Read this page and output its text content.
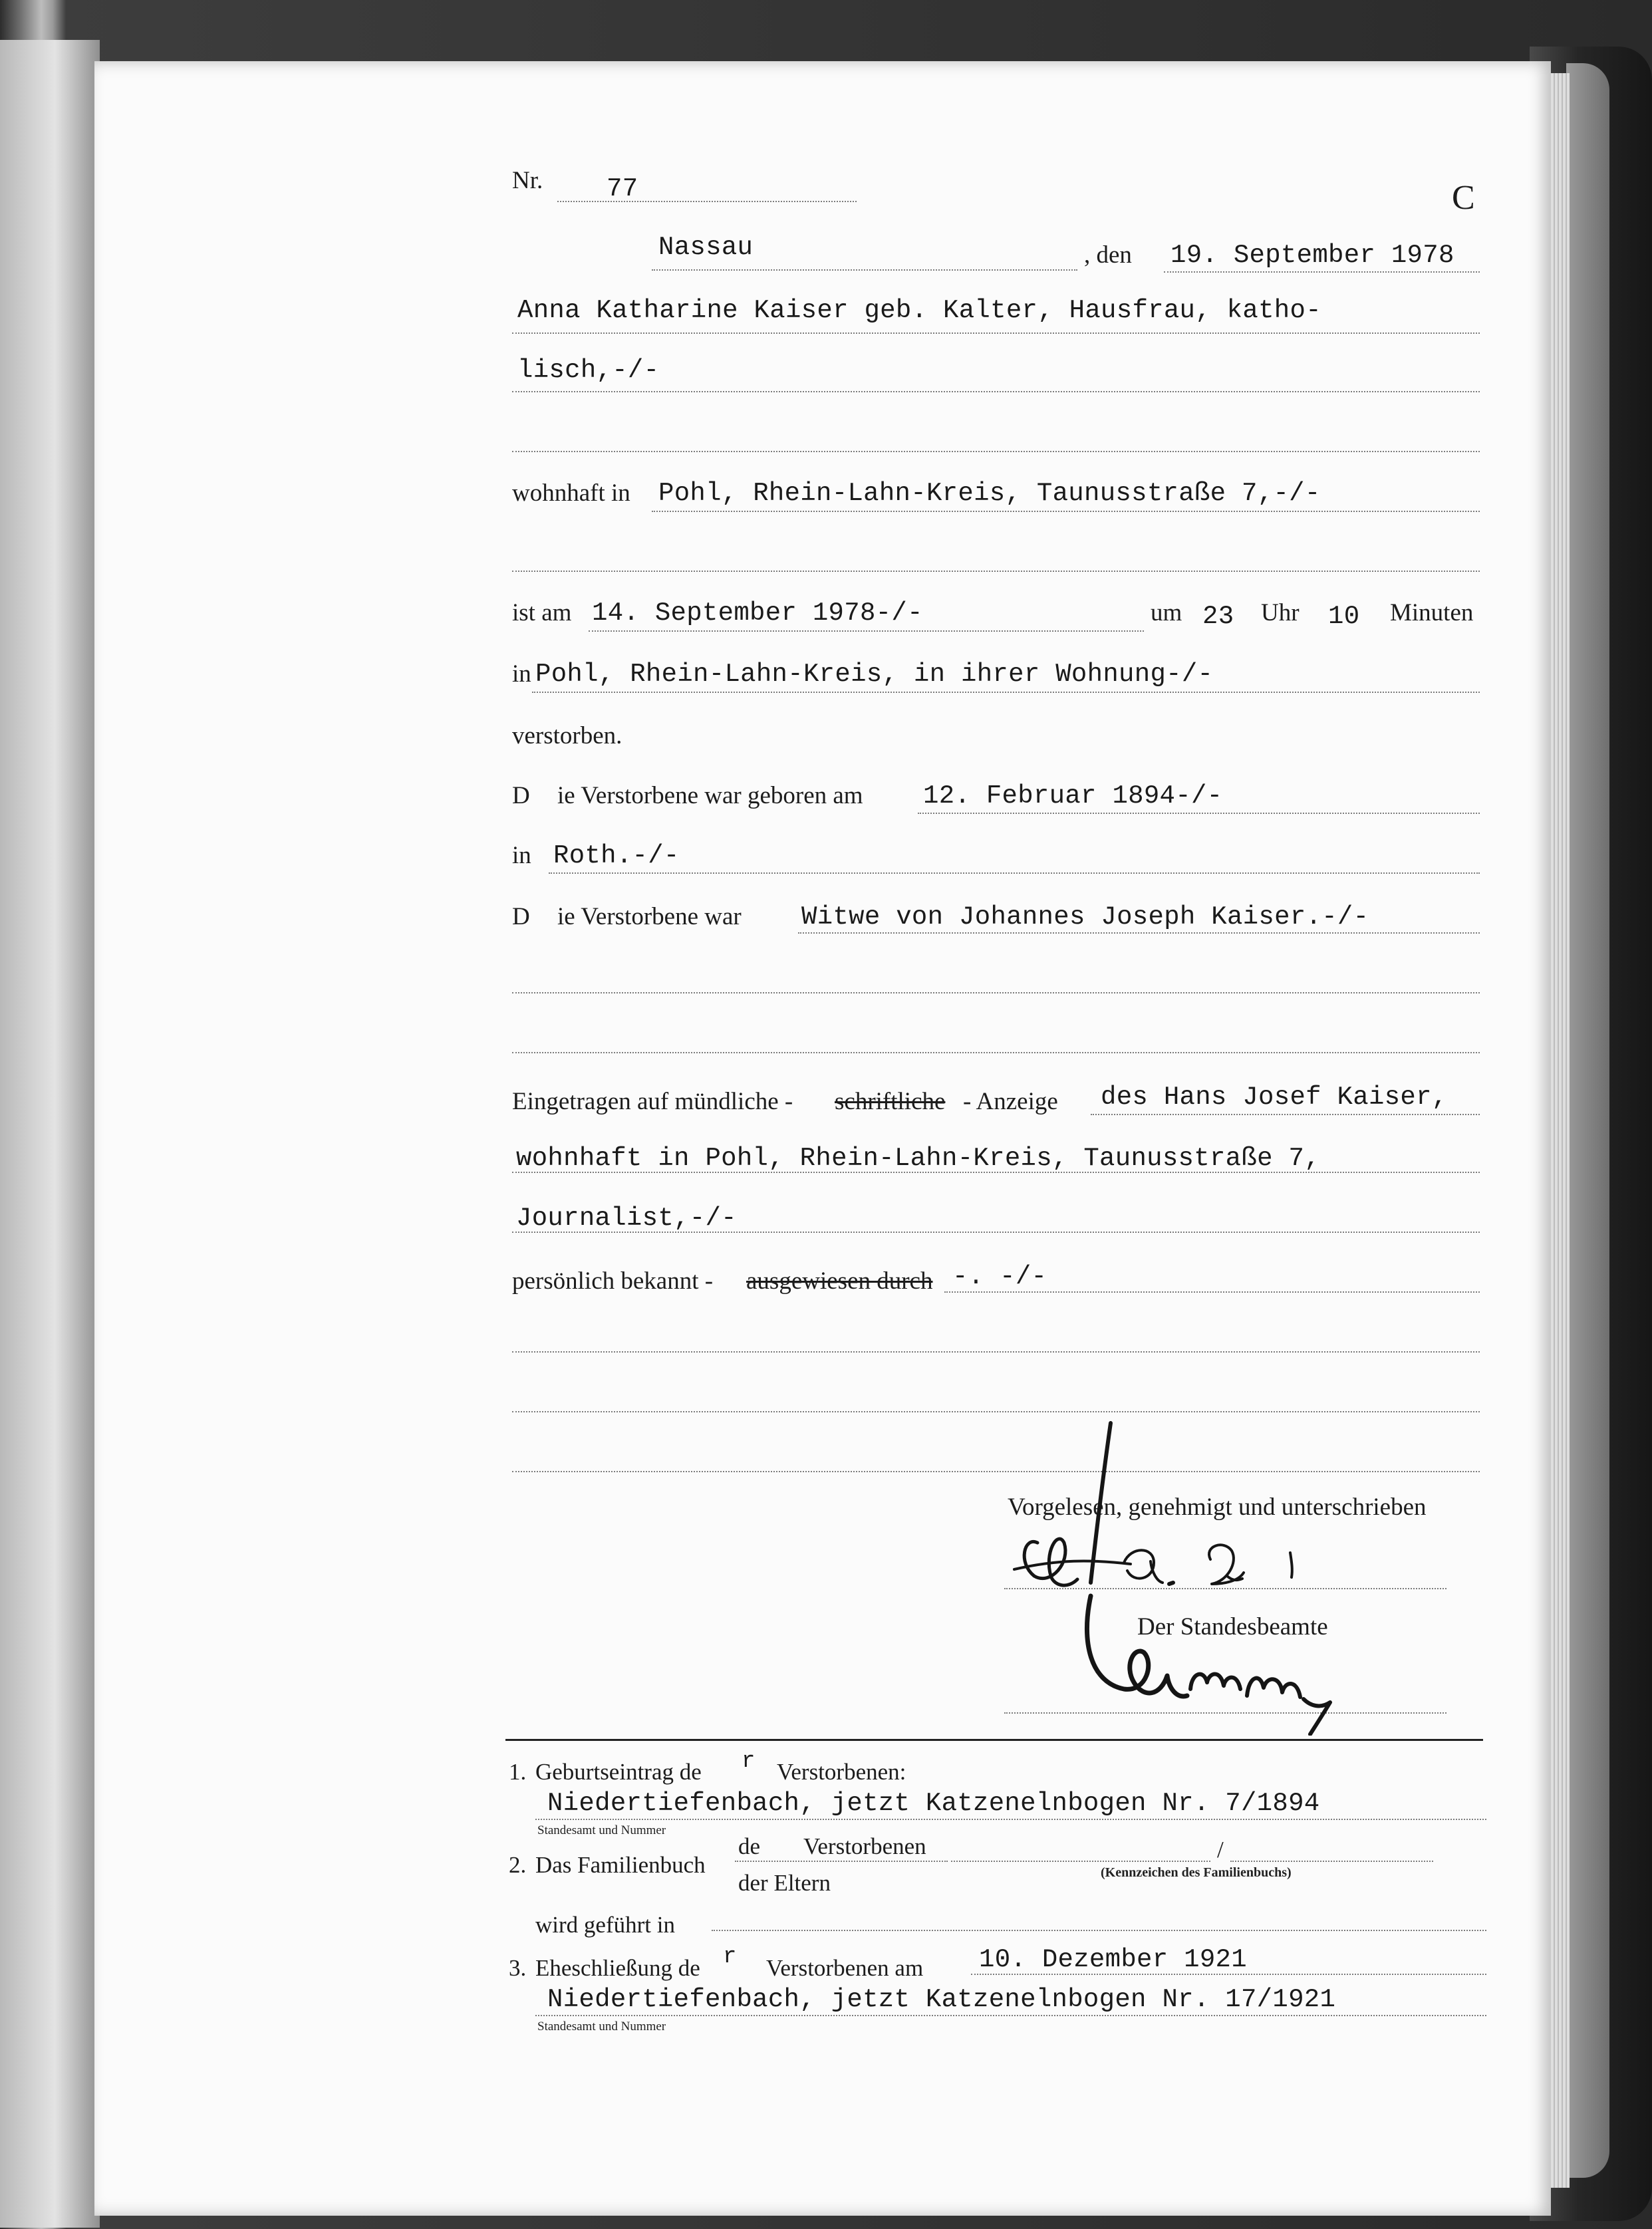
Nr. 77	C
Nassau	, den 19. September 1978
Anna Katharine Kaiser geb. Kalter, Hausfrau, katho-
lisch,-/-
wohnhaft in Pohl, Rhein-Lahn-Kreis, Taunusstraße 7,-/-
ist am 14. September 1978-/-	um 23 Uhr 10 Minuten
in Pohl, Rhein-Lahn-Kreis, in ihrer Wohnung-/-
verstorben.
D ie Verstorbene war geboren am 12. Februar 1894-/-
in Roth.-/-
D ie Verstorbene war Witwe von Johannes Joseph Kaiser.-/-
Eingetragen auf mündliche - schriftliche - Anzeige des Hans Josef Kaiser,
wohnhaft in Pohl, Rhein-Lahn-Kreis, Taunusstraße 7,
Journalist,-/-
persönlich bekannt - ausgewiesen durch -. -/-
Vorgelesen, genehmigt und unterschrieben
Der Standesbeamte
1. Geburtseintrag de r Verstorbenen:
Niedertiefenbach, jetzt Katzenelnbogen Nr. 7/1894
Standesamt und Nummer
2. Das Familienbuch
de Verstorbenen
der Eltern
/
(Kennzeichen des Familienbuchs)
wird geführt in
3. Eheschließung de r Verstorbenen am 10. Dezember 1921
Niedertiefenbach, jetzt Katzenelnbogen Nr. 17/1921
Standesamt und Nummer
